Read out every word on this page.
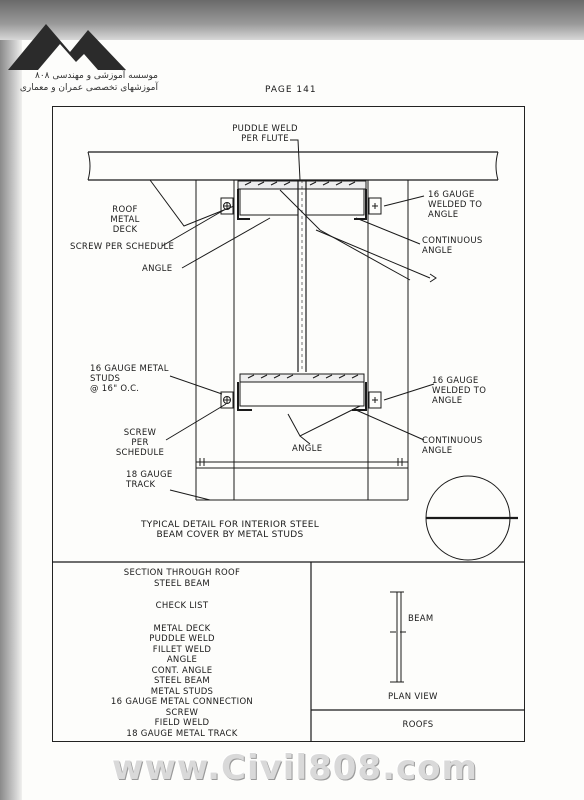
موسسه آموزشی و مهندسی ۸۰۸
آموزشهای تخصصی عمران و معماری	PAGE 141
PUDDLE WELD
PER FLUTE
ROOF
METAL
DECK
SCREW PER SCHEDULE
ANGLE
16 GAUGE
WELDED TO
ANGLE
CONTINUOUS
ANGLE
16 GAUGE METAL
STUDS
@ 16" O.C.
SCREW
PER
SCHEDULE	ANGLE
16 GAUGE
WELDED TO
ANGLE
CONTINUOUS
ANGLE
18 GAUGE
TRACK
TYPICAL DETAIL FOR INTERIOR STEEL
BEAM COVER BY METAL STUDS
SECTION THROUGH ROOF
STEEL BEAM
CHECK LIST
METAL DECK
PUDDLE WELD
FILLET WELD
ANGLE
CONT. ANGLE
STEEL BEAM
METAL STUDS
16 GAUGE METAL CONNECTION
SCREW
FIELD WELD
18 GAUGE METAL TRACK
BEAM
PLAN VIEW
ROOFS
www.Civil808.com
